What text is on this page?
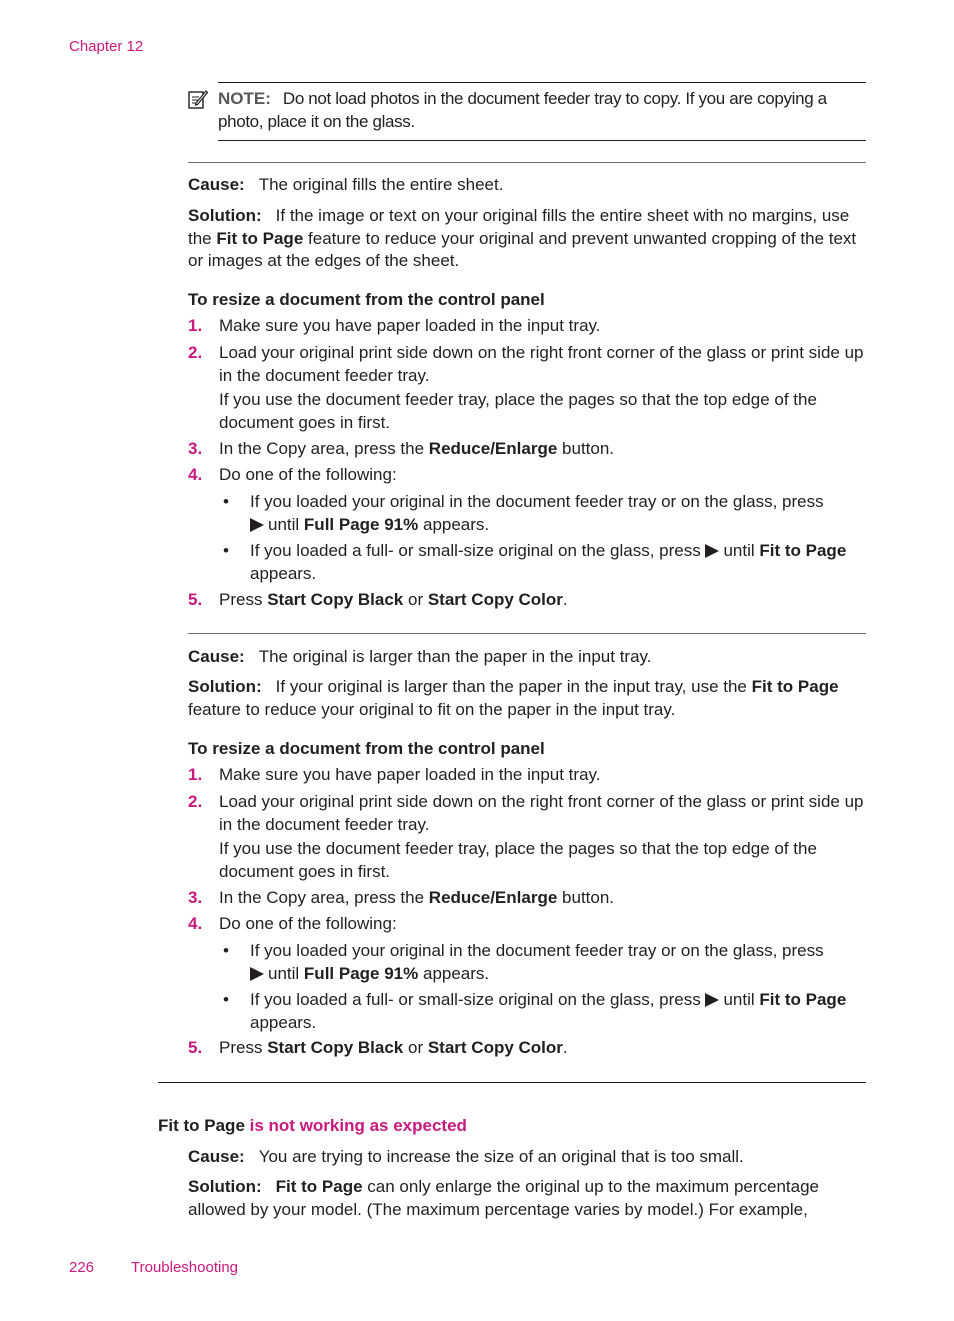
Chapter 12
NOTE: Do not load photos in the document feeder tray to copy. If you are copying a photo, place it on the glass.
Cause: The original fills the entire sheet.
Solution: If the image or text on your original fills the entire sheet with no margins, use the Fit to Page feature to reduce your original and prevent unwanted cropping of the text or images at the edges of the sheet.
To resize a document from the control panel
1. Make sure you have paper loaded in the input tray.
2. Load your original print side down on the right front corner of the glass or print side up in the document feeder tray.
If you use the document feeder tray, place the pages so that the top edge of the document goes in first.
3. In the Copy area, press the Reduce/Enlarge button.
4. Do one of the following:
• If you loaded your original in the document feeder tray or on the glass, press
until Full Page 91% appears.
• If you loaded a full- or small-size original on the glass, press until Fit to Page appears.
5. Press Start Copy Black or Start Copy Color.
Cause: The original is larger than the paper in the input tray.
Solution: If your original is larger than the paper in the input tray, use the Fit to Page feature to reduce your original to fit on the paper in the input tray.
To resize a document from the control panel
1. Make sure you have paper loaded in the input tray.
2. Load your original print side down on the right front corner of the glass or print side up in the document feeder tray.
If you use the document feeder tray, place the pages so that the top edge of the document goes in first.
3. In the Copy area, press the Reduce/Enlarge button.
4. Do one of the following:
• If you loaded your original in the document feeder tray or on the glass, press
until Full Page 91% appears.
• If you loaded a full- or small-size original on the glass, press until Fit to Page appears.
5. Press Start Copy Black or Start Copy Color.
Fit to Page is not working as expected
Cause: You are trying to increase the size of an original that is too small.
Solution: Fit to Page can only enlarge the original up to the maximum percentage allowed by your model. (The maximum percentage varies by model.) For example,
226 Troubleshooting
